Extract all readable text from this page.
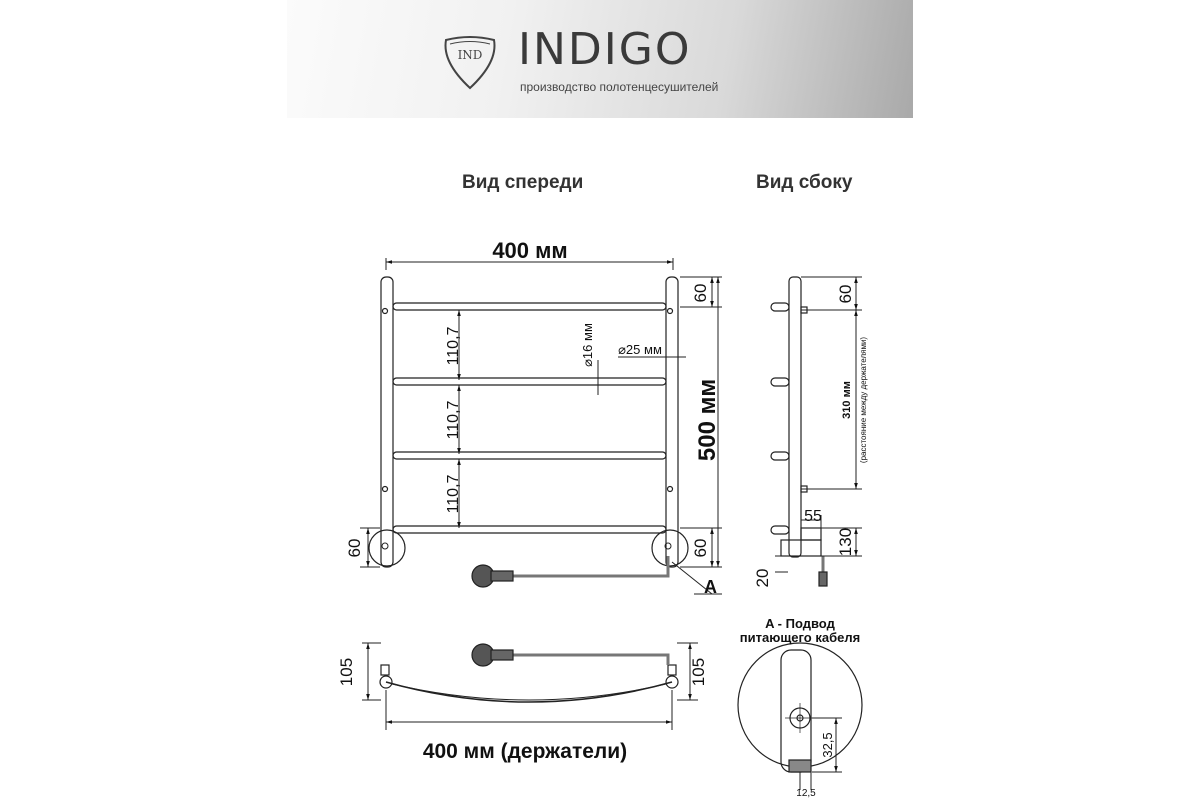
IND INDIGO
производство полотенцесушителей
Вид спереди	Вид сбоку
400 мм
110,7
110,7
110,7
60
500 мм
60
60
⌀16 мм ⌀25 мм
A
60
310 мм (расстояние между держателями)
55
130
20
105	105
400 мм (держатели)
A - Подвод
питающего кабеля
32,5
12,5
